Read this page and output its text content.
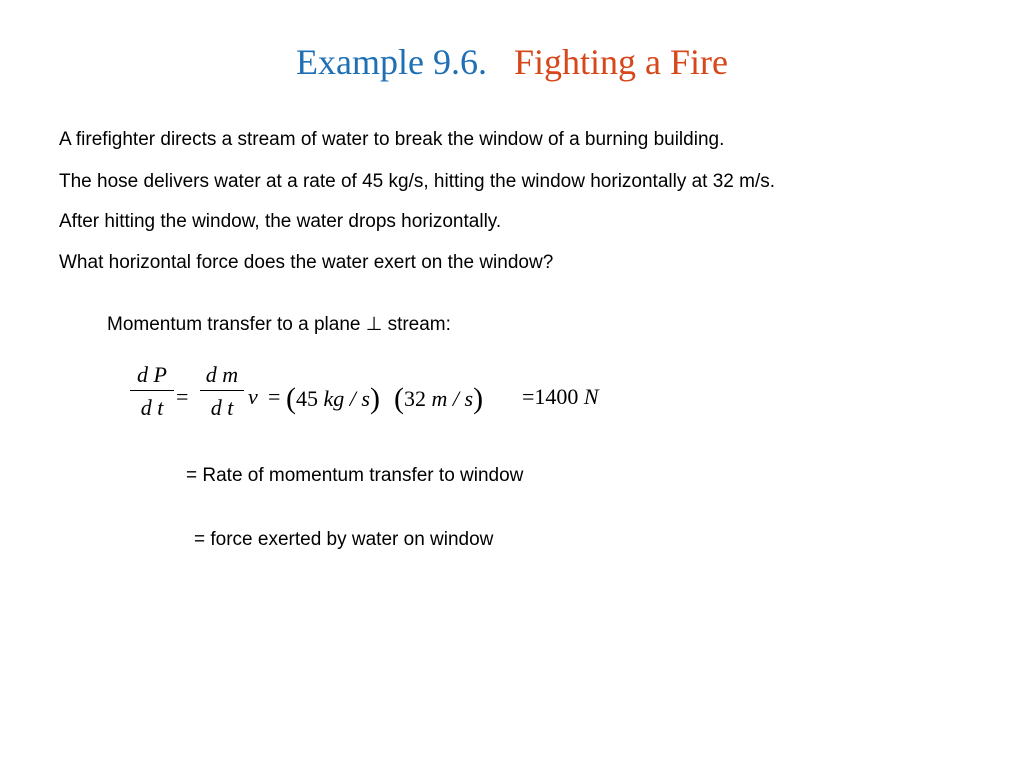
Example 9.6. Fighting a Fire
A firefighter directs a stream of water to break the window of a burning building.
The hose delivers water at a rate of 45 kg/s, hitting the window horizontally at 32 m/s.
After hitting the window, the water drops horizontally.
What horizontal force does the water exert on the window?
Momentum transfer to a plane ⊥ stream:
d P
d t =
d m
d t v = (45 kg / s) (32 m / s) =1400 N
= Rate of momentum transfer to window
= force exerted by water on window
